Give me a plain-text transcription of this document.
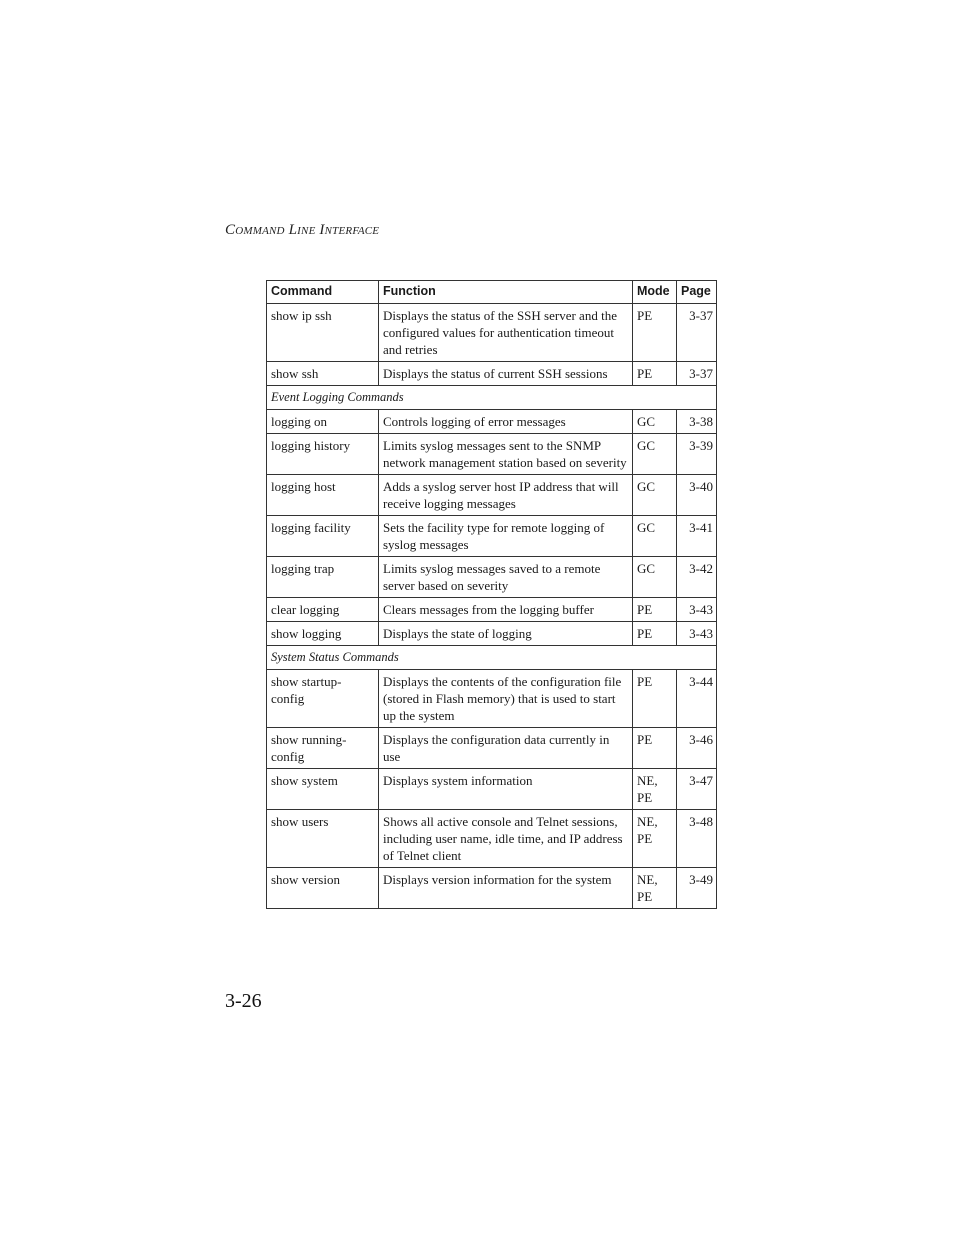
Command Line Interface
Command	Function	Mode	Page
show ip ssh	Displays the status of the SSH server and the configured values for authentication timeout and retries	PE	3-37
show ssh	Displays the status of current SSH sessions	PE	3-37
Event Logging Commands			
logging on	Controls logging of error messages	GC	3-38
logging history	Limits syslog messages sent to the SNMP network management station based on severity	GC	3-39
logging host	Adds a syslog server host IP address that will receive logging messages	GC	3-40
logging facility	Sets the facility type for remote logging of syslog messages	GC	3-41
logging trap	Limits syslog messages saved to a remote server based on severity	GC	3-42
clear logging	Clears messages from the logging buffer	PE	3-43
show logging	Displays the state of logging	PE	3-43
System Status Commands			
show startup-config	Displays the contents of the configuration file (stored in Flash memory) that is used to start up the system	PE	3-44
show running-config	Displays the configuration data currently in use	PE	3-46
show system	Displays system information	NE, PE	3-47
show users	Shows all active console and Telnet sessions, including user name, idle time, and IP address of Telnet client	NE, PE	3-48
show version	Displays version information for the system	NE, PE	3-49
3-26
